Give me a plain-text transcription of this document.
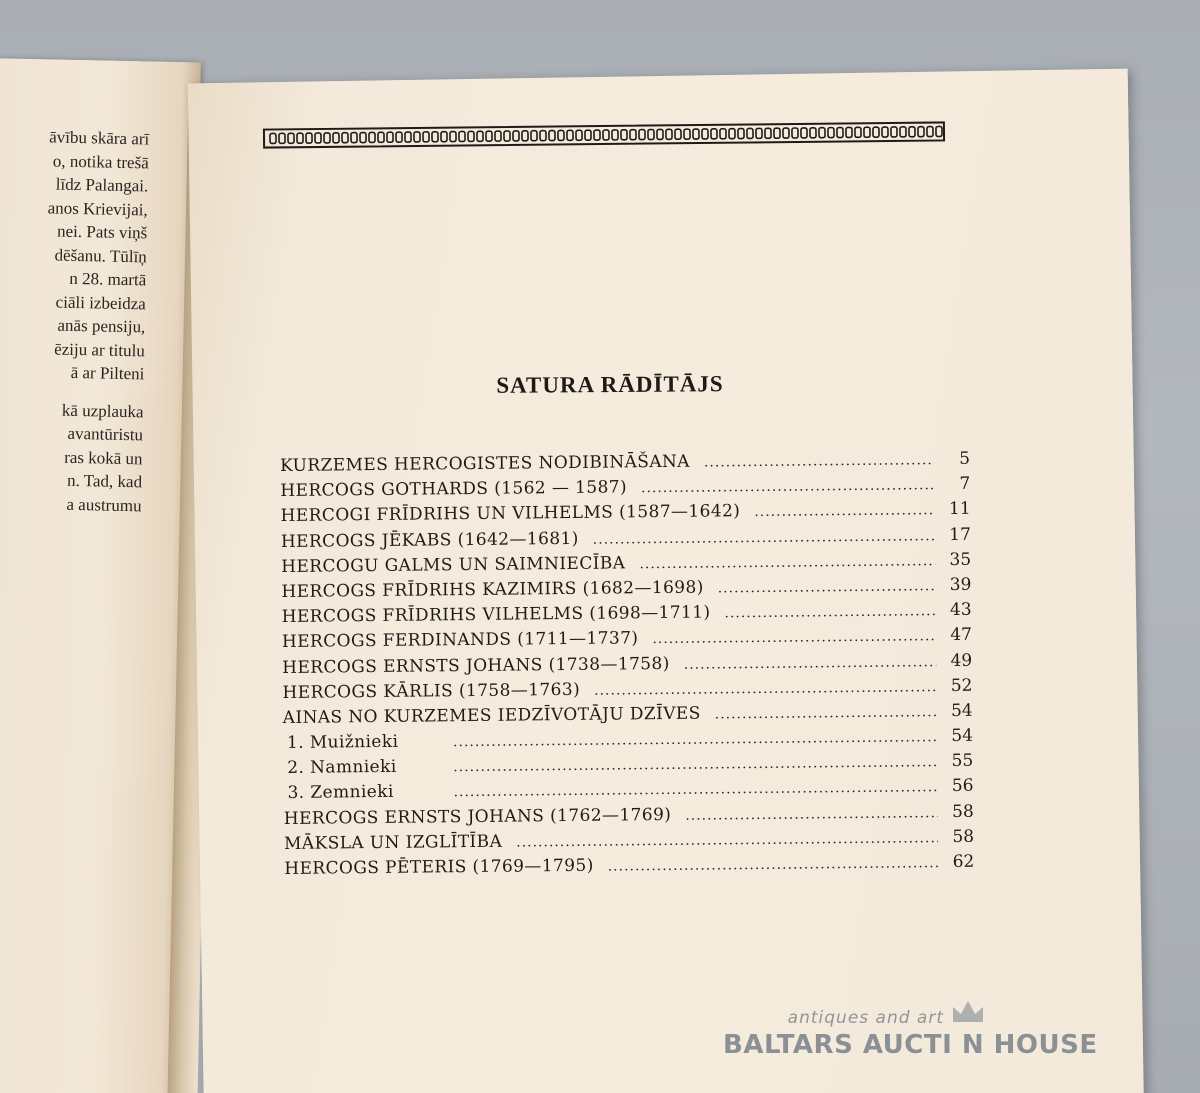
āvību skāra arī
o, notika trešā
līdz Palangai.
anos Krievijai,
nei. Pats viņš
dēšanu. Tūlīņ
n 28. martā
ciāli izbeidza
anās pensiju,
ēziju ar titulu
ā ar Pilteni
kā uzplauka
avantūristu
ras kokā un
n. Tad, kad
a austrumu
SATURA RĀDĪTĀJS
KURZEMES HERCOGISTES NODIBINĀŠANA .....	5
HERCOGS GOTHARDS (1562 — 1587) .....	7
HERCOGI FRĪDRIHS UN VILHELMS (1587—1642) .....	11
HERCOGS JĒKABS (1642—1681) .....	17
HERCOGU GALMS UN SAIMNIECĪBA .....	35
HERCOGS FRĪDRIHS KAZIMIRS (1682—1698) .....	39
HERCOGS FRĪDRIHS VILHELMS (1698—1711) .....	43
HERCOGS FERDINANDS (1711—1737) .....	47
HERCOGS ERNSTS JOHANS (1738—1758) .....	49
HERCOGS KĀRLIS (1758—1763) .....	52
AINAS NO KURZEMES IEDZĪVOTĀJU DZĪVES .....	54
1. Muižnieki .....	54
2. Namnieki .....	55
3. Zemnieki .....	56
HERCOGS ERNSTS JOHANS (1762—1769) .....	58
MĀKSLA UN IZGLĪTĪBA .....	58
HERCOGS PĒTERIS (1769—1795) .....	62
antiques and art
BALTARS AUCTI N HOUSE
